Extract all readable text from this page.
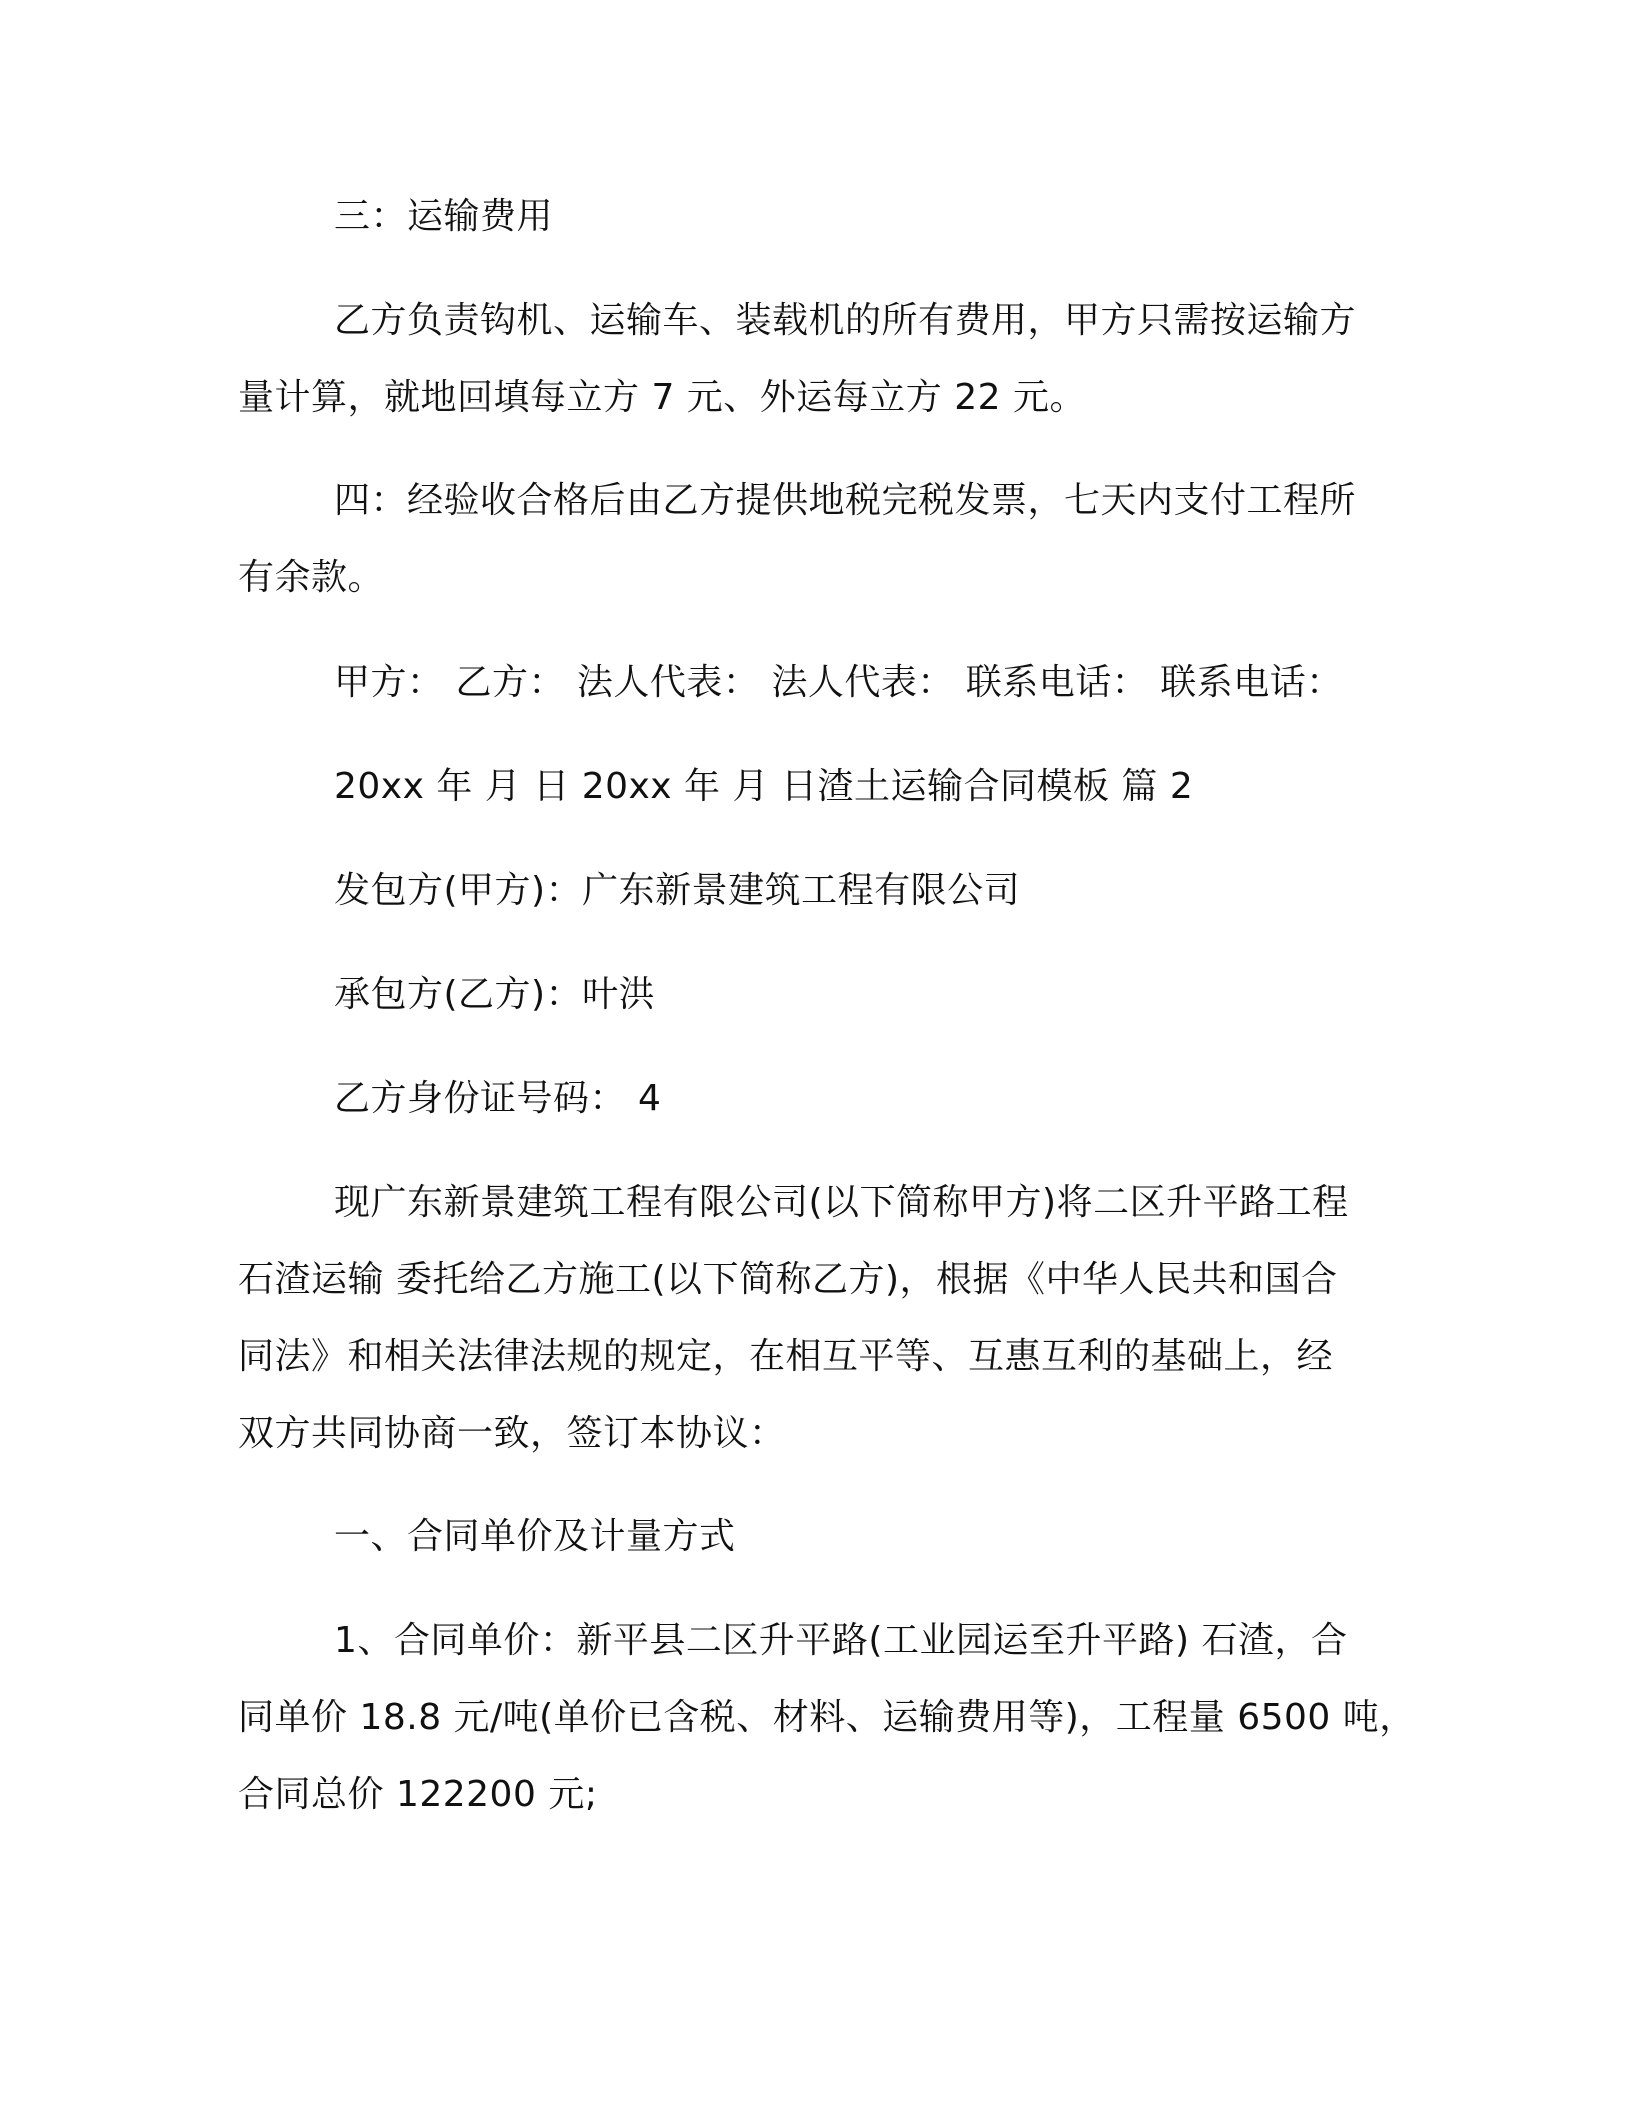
三：运输费用

乙方负责钩机、运输车、装载机的所有费用，甲方只需按运输方
量计算，就地回填每立方 7 元、外运每立方 22 元。

四：经验收合格后由乙方提供地税完税发票，七天内支付工程所
有余款。

甲方： 乙方： 法人代表： 法人代表： 联系电话： 联系电话：

20xx 年 月 日 20xx 年 月 日渣土运输合同模板 篇 2

发包方(甲方)：广东新景建筑工程有限公司

承包方(乙方)：叶洪

乙方身份证号码： 4

现广东新景建筑工程有限公司(以下简称甲方)将二区升平路工程
石渣运输 委托给乙方施工(以下简称乙方)，根据《中华人民共和国合
同法》和相关法律法规的规定，在相互平等、互惠互利的基础上，经
双方共同协商一致，签订本协议：

一、合同单价及计量方式

1、合同单价：新平县二区升平路(工业园运至升平路) 石渣，合
同单价 18.8 元/吨(单价已含税、材料、运输费用等)，工程量 6500 吨，
合同总价 122200 元;
